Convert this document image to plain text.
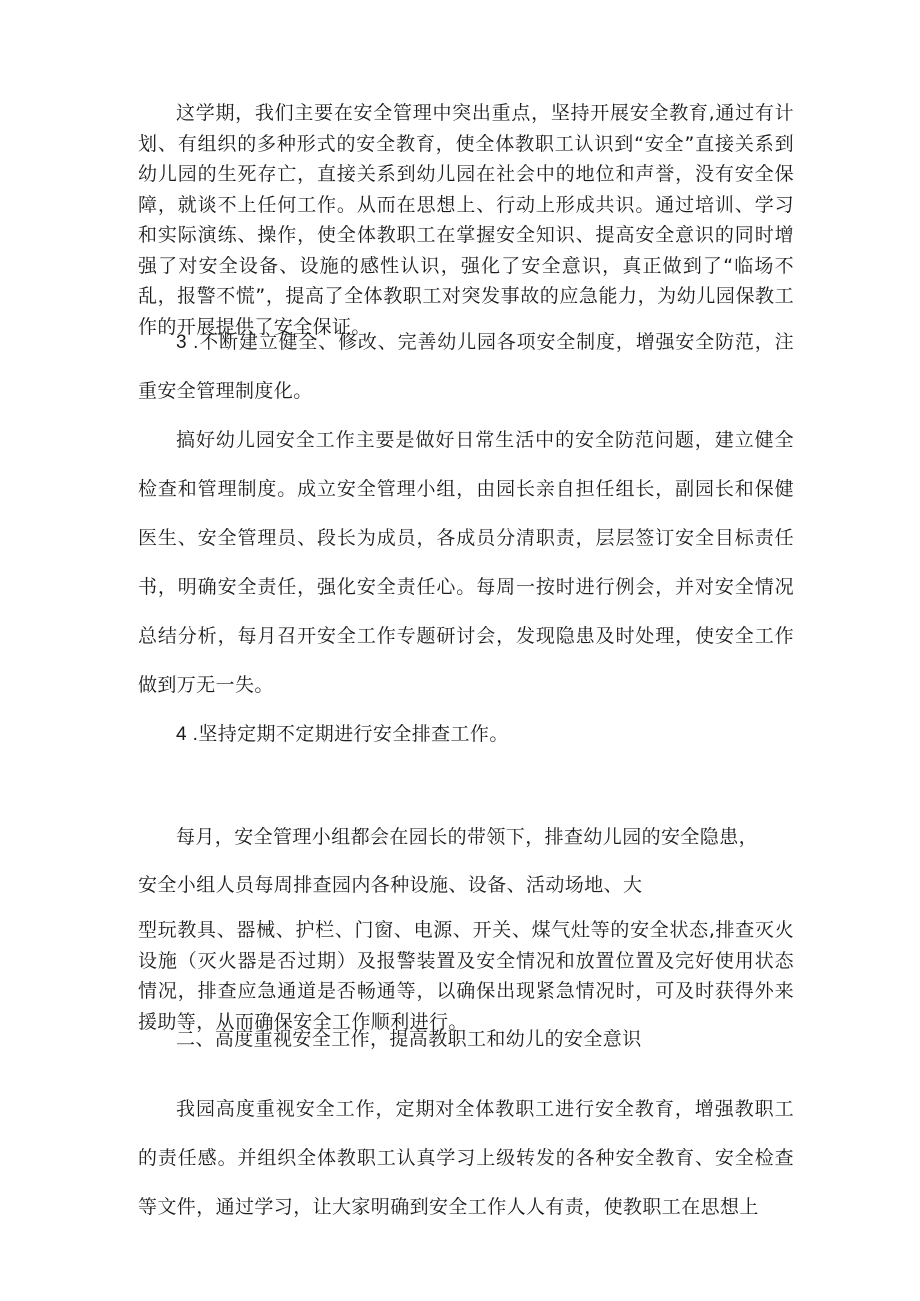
这学期，我们主要在安全管理中突出重点，坚持开展安全教育,通过有计划、有组织的多种形式的安全教育，使全体教职工认识到“安全”直接关系到幼儿园的生死存亡，直接关系到幼儿园在社会中的地位和声誉，没有安全保障，就谈不上任何工作。从而在思想上、行动上形成共识。通过培训、学习和实际演练、操作，使全体教职工在掌握安全知识、提高安全意识的同时增强了对安全设备、设施的感性认识，强化了安全意识，真正做到了“临场不乱，报警不慌”，提高了全体教职工对突发事故的应急能力，为幼儿园保教工作的开展提供了安全保证。

3 .不断建立健全、修改、完善幼儿园各项安全制度，增强安全防范，注重安全管理制度化。

搞好幼儿园安全工作主要是做好日常生活中的安全防范问题，建立健全检查和管理制度。成立安全管理小组，由园长亲自担任组长，副园长和保健医生、安全管理员、段长为成员，各成员分清职责，层层签订安全目标责任书，明确安全责任，强化安全责任心。每周一按时进行例会，并对安全情况总结分析，每月召开安全工作专题研讨会，发现隐患及时处理，使安全工作做到万无一失。

4 .坚持定期不定期进行安全排查工作。

每月，安全管理小组都会在园长的带领下，排查幼儿园的安全隐患，

安全小组人员每周排查园内各种设施、设备、活动场地、大

型玩教具、器械、护栏、门窗、电源、开关、煤气灶等的安全状态,排查灭火设施（灭火器是否过期）及报警装置及安全情况和放置位置及完好使用状态情况，排查应急通道是否畅通等，以确保出现紧急情况时，可及时获得外来援助等，从而确保安全工作顺利进行。

二、高度重视安全工作，提高教职工和幼儿的安全意识

我园高度重视安全工作，定期对全体教职工进行安全教育，增强教职工的责任感。并组织全体教职工认真学习上级转发的各种安全教育、安全检查等文件，通过学习，让大家明确到安全工作人人有责，使教职工在思想上
